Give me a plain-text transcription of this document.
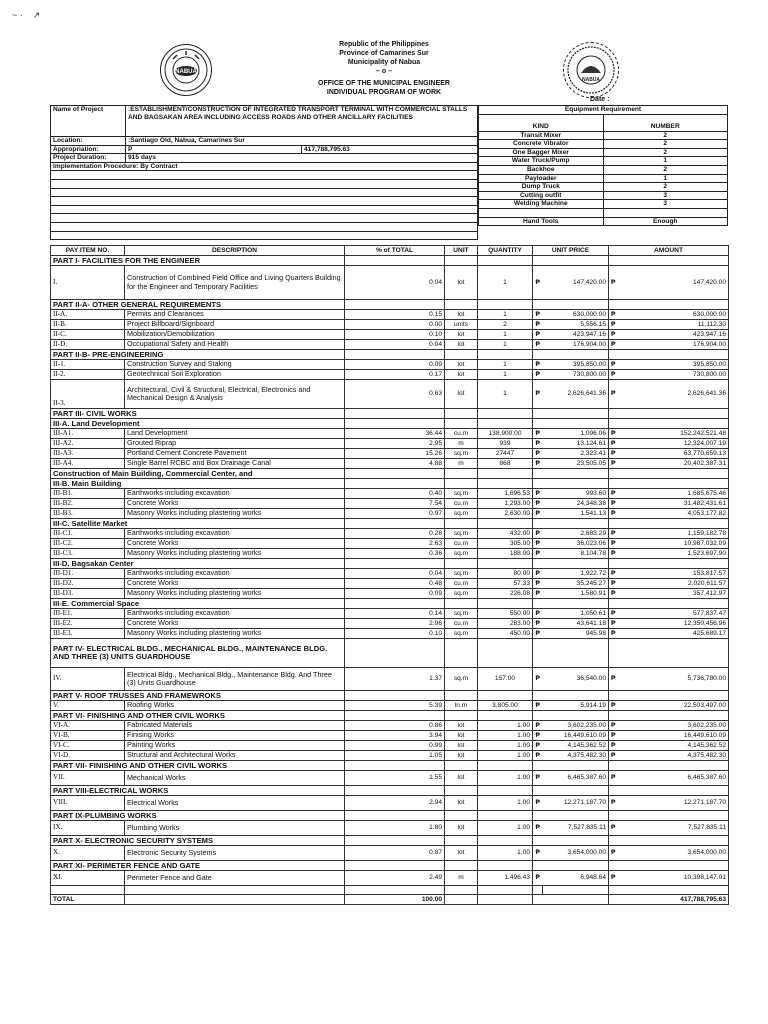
Republic of the Philippines
Province of Camarines Sur
Municipality of Nabua
– o –
OFFICE OF THE MUNICIPAL ENGINEER
INDIVIDUAL PROGRAM OF WORK
NABUA
NABUA
Date :
Name of Project	:ESTABLISHMENT/CONSTRUCTION OF INTEGRATED TRANSPORT TERMINAL WITH COMMERCIAL STALLS AND BAGSAKAN AREA INCLUDING ACCESS ROADS AND OTHER ANCILLARY FACILITIES	
Location:	:Santiago Old, Nabua, Camarines Sur	
Appropriation:	P	417,788,795.63
Project Duration:	915 days	
Implementation Procedure: By Contract		

Equipment Requirement	
KIND	NUMBER
Transit Mixer	2
Concrete Vibrator	2
One Bagger Mixer	2
Water Truck/Pump	1
Backhoe	2
Payloader	1
Dump Truck	2
Cutting outfit	3
Welding Machine	3

Hand Tools	Enough
PAY ITEM NO.	DESCRIPTION	% of TOTAL	UNIT	QUANTITY	UNIT PRICE		AMOUNT
PART I- FACILITIES FOR THE ENGINEER							
I.	Construction of Combined Field Office and Living Quarters Building for the Engineer and Temporary Facilities	0.04	lot	1	₱	147,420.00	₱ 147,420.00
PART II-A- OTHER GENERAL REQUIREMENTS							
II-A.	Permits and Clearances	0.15	lot	1	₱	630,000.00	₱ 630,000.00
II-B.	Project Billboard/Signboard	0.00	units	2	₱	5,556.15	₱ 11,112.30
II-C.	Mobilization/Demobilization	0.10	lot	1	₱	423,947.16	₱ 423,947.16
II-D.	Occupational Safety and Health	0.04	lot	1	₱	176,904.00	₱ 176,904.00
PART II-B- PRE-ENGINEERING							
II-1.	Construction Survey and Staking	0.09	lot	1	₱	395,850.00	₱ 395,850.00
II-2.	Geotechnical Soil Exploration	0.17	lot	1	₱	730,800.00	₱ 730,800.00
II-3.	Architectural, Civil & Structural, Electrical, Electronics and Mechanical Design & Analysis	0.63	lot	1	₱	2,626,641.36	₱ 2,626,641.36
PART III- CIVIL WORKS							
III-A. Land Development							
III-A1.	Land Development	36.44	cu.m	138,900.00	₱	1,096.06	₱ 152,242,521.48
III-A2.	Grouted Riprap	2.95	m	939	₱	13,124.61	₱ 12,324,007.19
III-A3.	Portland Cement Concrete Pavement	15.26	sq.m	27447	₱	2,323.41	₱ 63,770,659.13
III-A4.	Single Barrel RCBC and Box Drainage Canal	4.88	m	868	₱	23,505.05	₱ 20,402,387.31
Construction of Main Building, Commercial Center, and							
III-B. Main Building							
III-B1.	Earthworks including excavation	0.40	sq.m	1,696.53	₱	993.60	₱ 1,685,675.46
III-B2.	Concrete Works	7.54	cu.m	1,293.00	₱	24,348.36	₱ 31,482,431.61
III-B3.	Masonry Works including plastering works	0.97	sq.m	2,630.00	₱	1,541.13	₱ 4,053,177.82
III-C. Satellite Market							
III-C1.	Earthworks including excavation	0.28	sq.m	432.00	₱	2,683.29	₱ 1,159,182.78
III-C2.	Concrete Works	2.63	cu.m	305.00	₱	36,023.06	₱ 10,987,032.09
III-C3.	Masonry Works including plastering works	0.36	sq.m	188.00	₱	8,104.78	₱ 1,523,697.90
III-D. Bagsakan Center							
III-D1.	Earthworks including excavation	0.04	sq.m	80.00	₱	1,922.72	₱ 153,817.57
III-D2.	Concrete Works	0.48	cu.m	57.33	₱	35,245.27	₱ 2,020,611.57
III-D3.	Masonry Works including plastering works	0.09	sq.m	226.08	₱	1,580.91	₱ 357,412.97
III-E. Commercial Space							
III-E1.	Earthworks including excavation	0.14	sq.m	550.00	₱	1,050.61	₱ 577,837.47
III-E2.	Concrete Works	2.96	cu.m	283.00	₱	43,641.18	₱ 12,350,456.96
III-E3.	Masonry Works including plastering works	0.10	sq.m	450.00	₱	945.98	₱ 425,689.17
PART IV- ELECTRICAL BLDG., MECHANICAL BLDG., MAINTENANCE BLDG. AND THREE (3) UNITS GUARDHOUSE							
IV.	Electrical Bldg., Mechanical Bldg., Maintenance Bldg. And Three (3) Units Guardhouse	1.37	sq.m	157.00	₱	36,540.00	₱ 5,736,780.00
PART V- ROOF TRUSSES AND FRAMEWROKS							
V.	Roofing Works	5.39	ln.m	3,805.00	₱	5,914.19	₱ 22,503,497.00
PART VI- FINISHING AND OTHER CIVIL WORKS							
VI-A.	Fabricated Materials	0.86	lot	1.00	₱	3,602,235.00	₱ 3,602,235.00
VI-B.	Finising Works	3.94	lot	1.00	₱	16,449,610.09	₱ 16,449,610.09
VI-C.	Painting Works	0.99	lot	1.00	₱	4,145,362.52	₱ 4,145,362.52
VI-D.	Structural and Architectural Works	1.05	lot	1.00	₱	4,375,482.30	₱ 4,375,482.30
PART VII- FINISHING AND OTHER CIVIL WORKS							
VII.	Mechanical Works	1.55	lot	1.00	₱	6,465,387.60	₱ 6,465,387.60
PART VIII-ELECTRICAL WORKS							
VIII.	Electrical Works	2.94	lot	1.00	₱	12,271,187.70	₱ 12,271,187.70
PART IX-PLUMBING WORKS							
IX.	Plumbing Works	1.80	lot	1.00	₱	7,527,835.11	₱ 7,527,835.11
PART X- ELECTRONIC SECURITY SYSTEMS							
X.	Electronic Security Systems	0.87	lot	1.00	₱	3,654,000.00	₱ 3,654,000.00
PART XI- PERIMETER FENCE AND GATE							
XI.	Perimeter Fence and Gate	2.49	m	1,496.43	₱	6,948.64	₱ 10,398,147.01

TOTAL		100.00					417,788,795.63
~ ·    ↗
